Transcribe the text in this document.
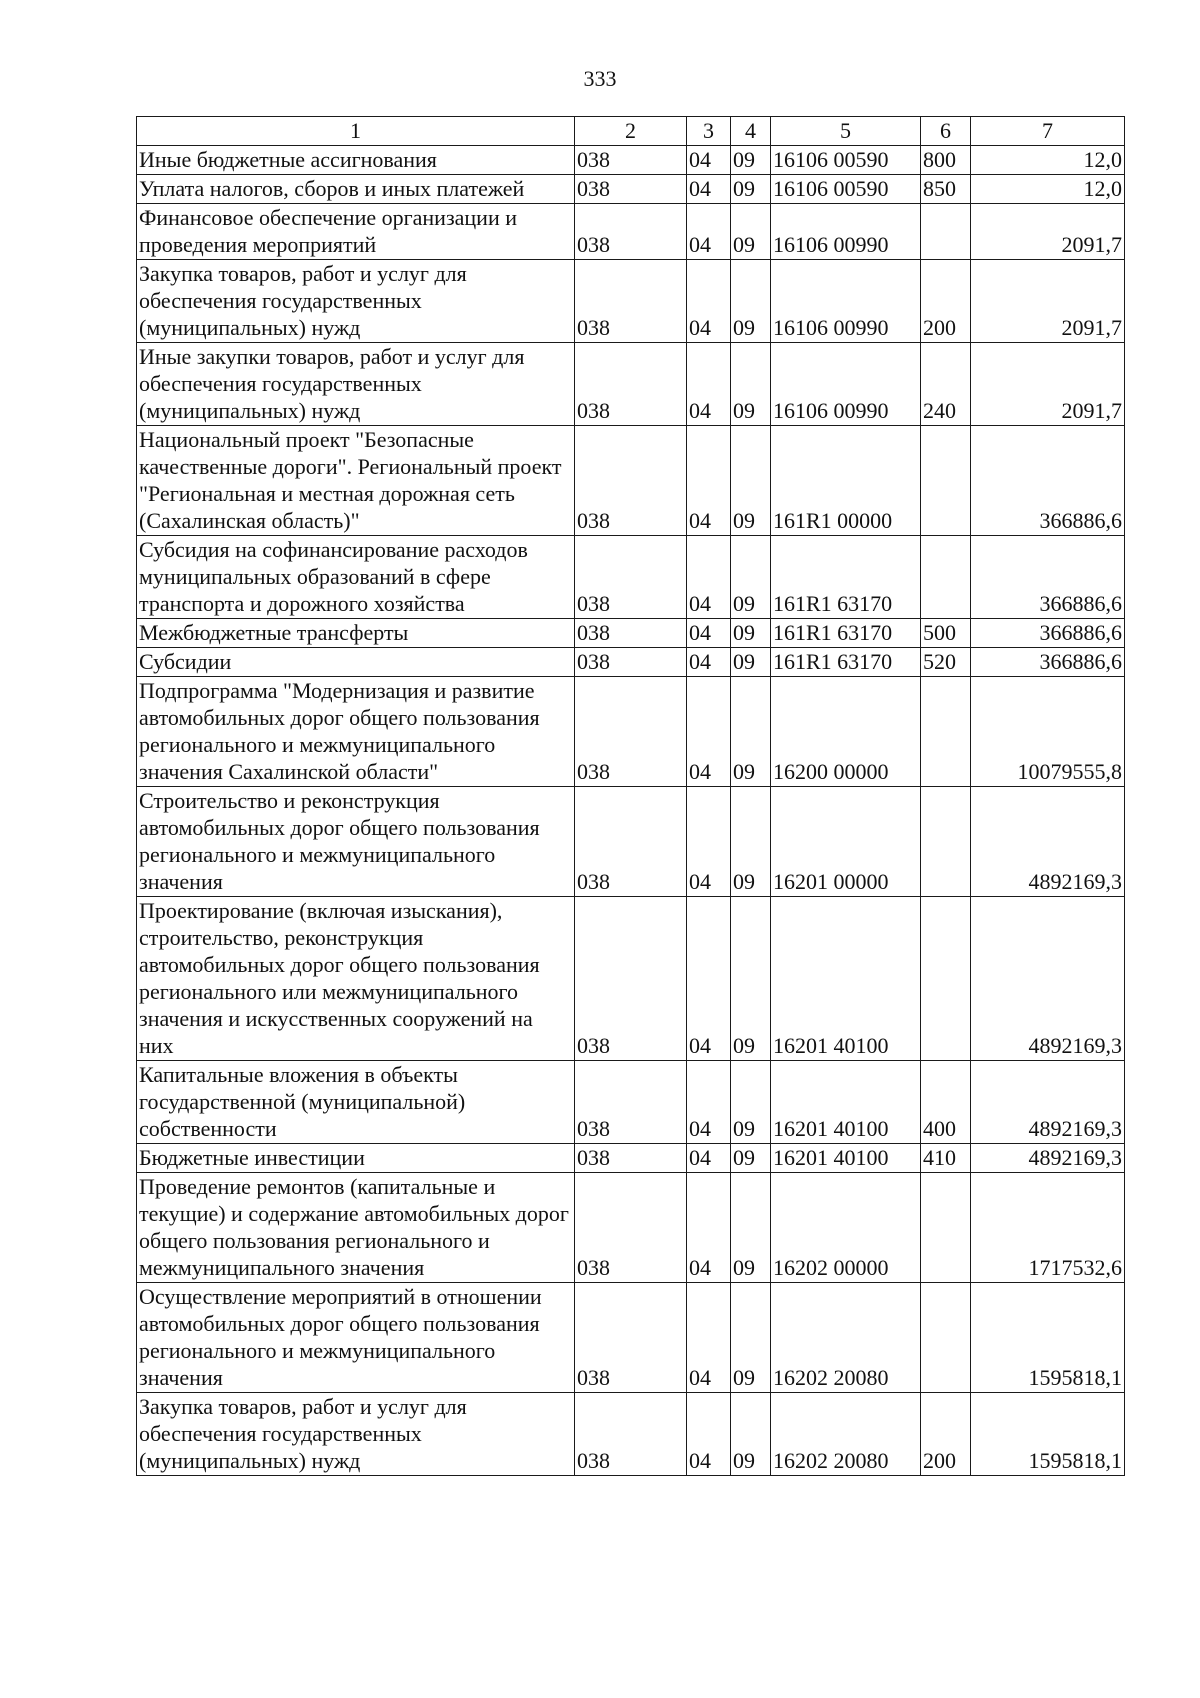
333
1	2	3	4	5	6	7
Иные бюджетные ассигнования	038	04	09	16106 00590	800	12,0
Уплата налогов, сборов и иных платежей	038	04	09	16106 00590	850	12,0
Финансовое обеспечение организации и проведения мероприятий	038	04	09	16106 00990		2091,7
Закупка товаров, работ и услуг для обеспечения государственных (муниципальных) нужд	038	04	09	16106 00990	200	2091,7
Иные закупки товаров, работ и услуг для обеспечения государственных (муниципальных) нужд	038	04	09	16106 00990	240	2091,7
Национальный проект "Безопасные качественные дороги". Региональный проект "Региональная и местная дорожная сеть (Сахалинская область)"	038	04	09	161R1 00000		366886,6
Субсидия на софинансирование расходов муниципальных образований в сфере транспорта и дорожного хозяйства	038	04	09	161R1 63170		366886,6
Межбюджетные трансферты	038	04	09	161R1 63170	500	366886,6
Субсидии	038	04	09	161R1 63170	520	366886,6
Подпрограмма "Модернизация и развитие автомобильных дорог общего пользования регионального и межмуниципального значения Сахалинской области"	038	04	09	16200 00000		10079555,8
Строительство и реконструкция автомобильных дорог общего пользования регионального и межмуниципального значения	038	04	09	16201 00000		4892169,3
Проектирование (включая изыскания), строительство, реконструкция автомобильных дорог общего пользования регионального или межмуниципального значения и искусственных сооружений на них	038	04	09	16201 40100		4892169,3
Капитальные вложения в объекты государственной (муниципальной) собственности	038	04	09	16201 40100	400	4892169,3
Бюджетные инвестиции	038	04	09	16201 40100	410	4892169,3
Проведение ремонтов (капитальные и текущие) и содержание автомобильных дорог общего пользования регионального и межмуниципального значения	038	04	09	16202 00000		1717532,6
Осуществление мероприятий в отношении автомобильных дорог общего пользования регионального и межмуниципального значения	038	04	09	16202 20080		1595818,1
Закупка товаров, работ и услуг для обеспечения государственных (муниципальных) нужд	038	04	09	16202 20080	200	1595818,1
